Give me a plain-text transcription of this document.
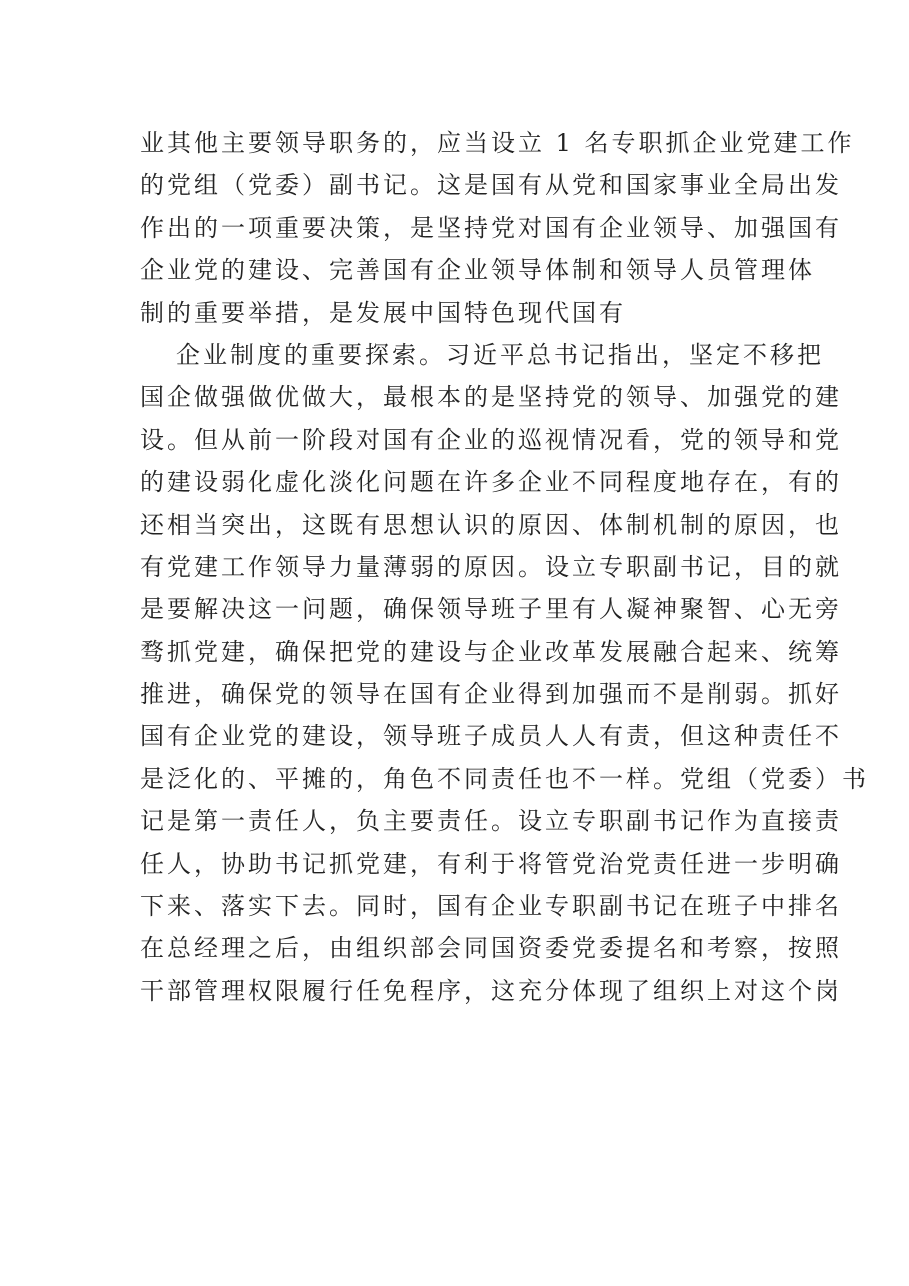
业其他主要领导职务的，应当设立 1 名专职抓企业党建工作
的党组（党委）副书记。这是国有从党和国家事业全局出发
作出的一项重要决策，是坚持党对国有企业领导、加强国有
企业党的建设、完善国有企业领导体制和领导人员管理体
制的重要举措，是发展中国特色现代国有
企业制度的重要探索。习近平总书记指出，坚定不移把
国企做强做优做大，最根本的是坚持党的领导、加强党的建
设。但从前一阶段对国有企业的巡视情况看，党的领导和党
的建设弱化虚化淡化问题在许多企业不同程度地存在，有的
还相当突出，这既有思想认识的原因、体制机制的原因，也
有党建工作领导力量薄弱的原因。设立专职副书记，目的就
是要解决这一问题，确保领导班子里有人凝神聚智、心无旁
骛抓党建，确保把党的建设与企业改革发展融合起来、统筹
推进，确保党的领导在国有企业得到加强而不是削弱。抓好
国有企业党的建设，领导班子成员人人有责，但这种责任不
是泛化的、平摊的，角色不同责任也不一样。党组（党委）书
记是第一责任人，负主要责任。设立专职副书记作为直接责
任人，协助书记抓党建，有利于将管党治党责任进一步明确
下来、落实下去。同时，国有企业专职副书记在班子中排名
在总经理之后，由组织部会同国资委党委提名和考察，按照
干部管理权限履行任免程序，这充分体现了组织上对这个岗
